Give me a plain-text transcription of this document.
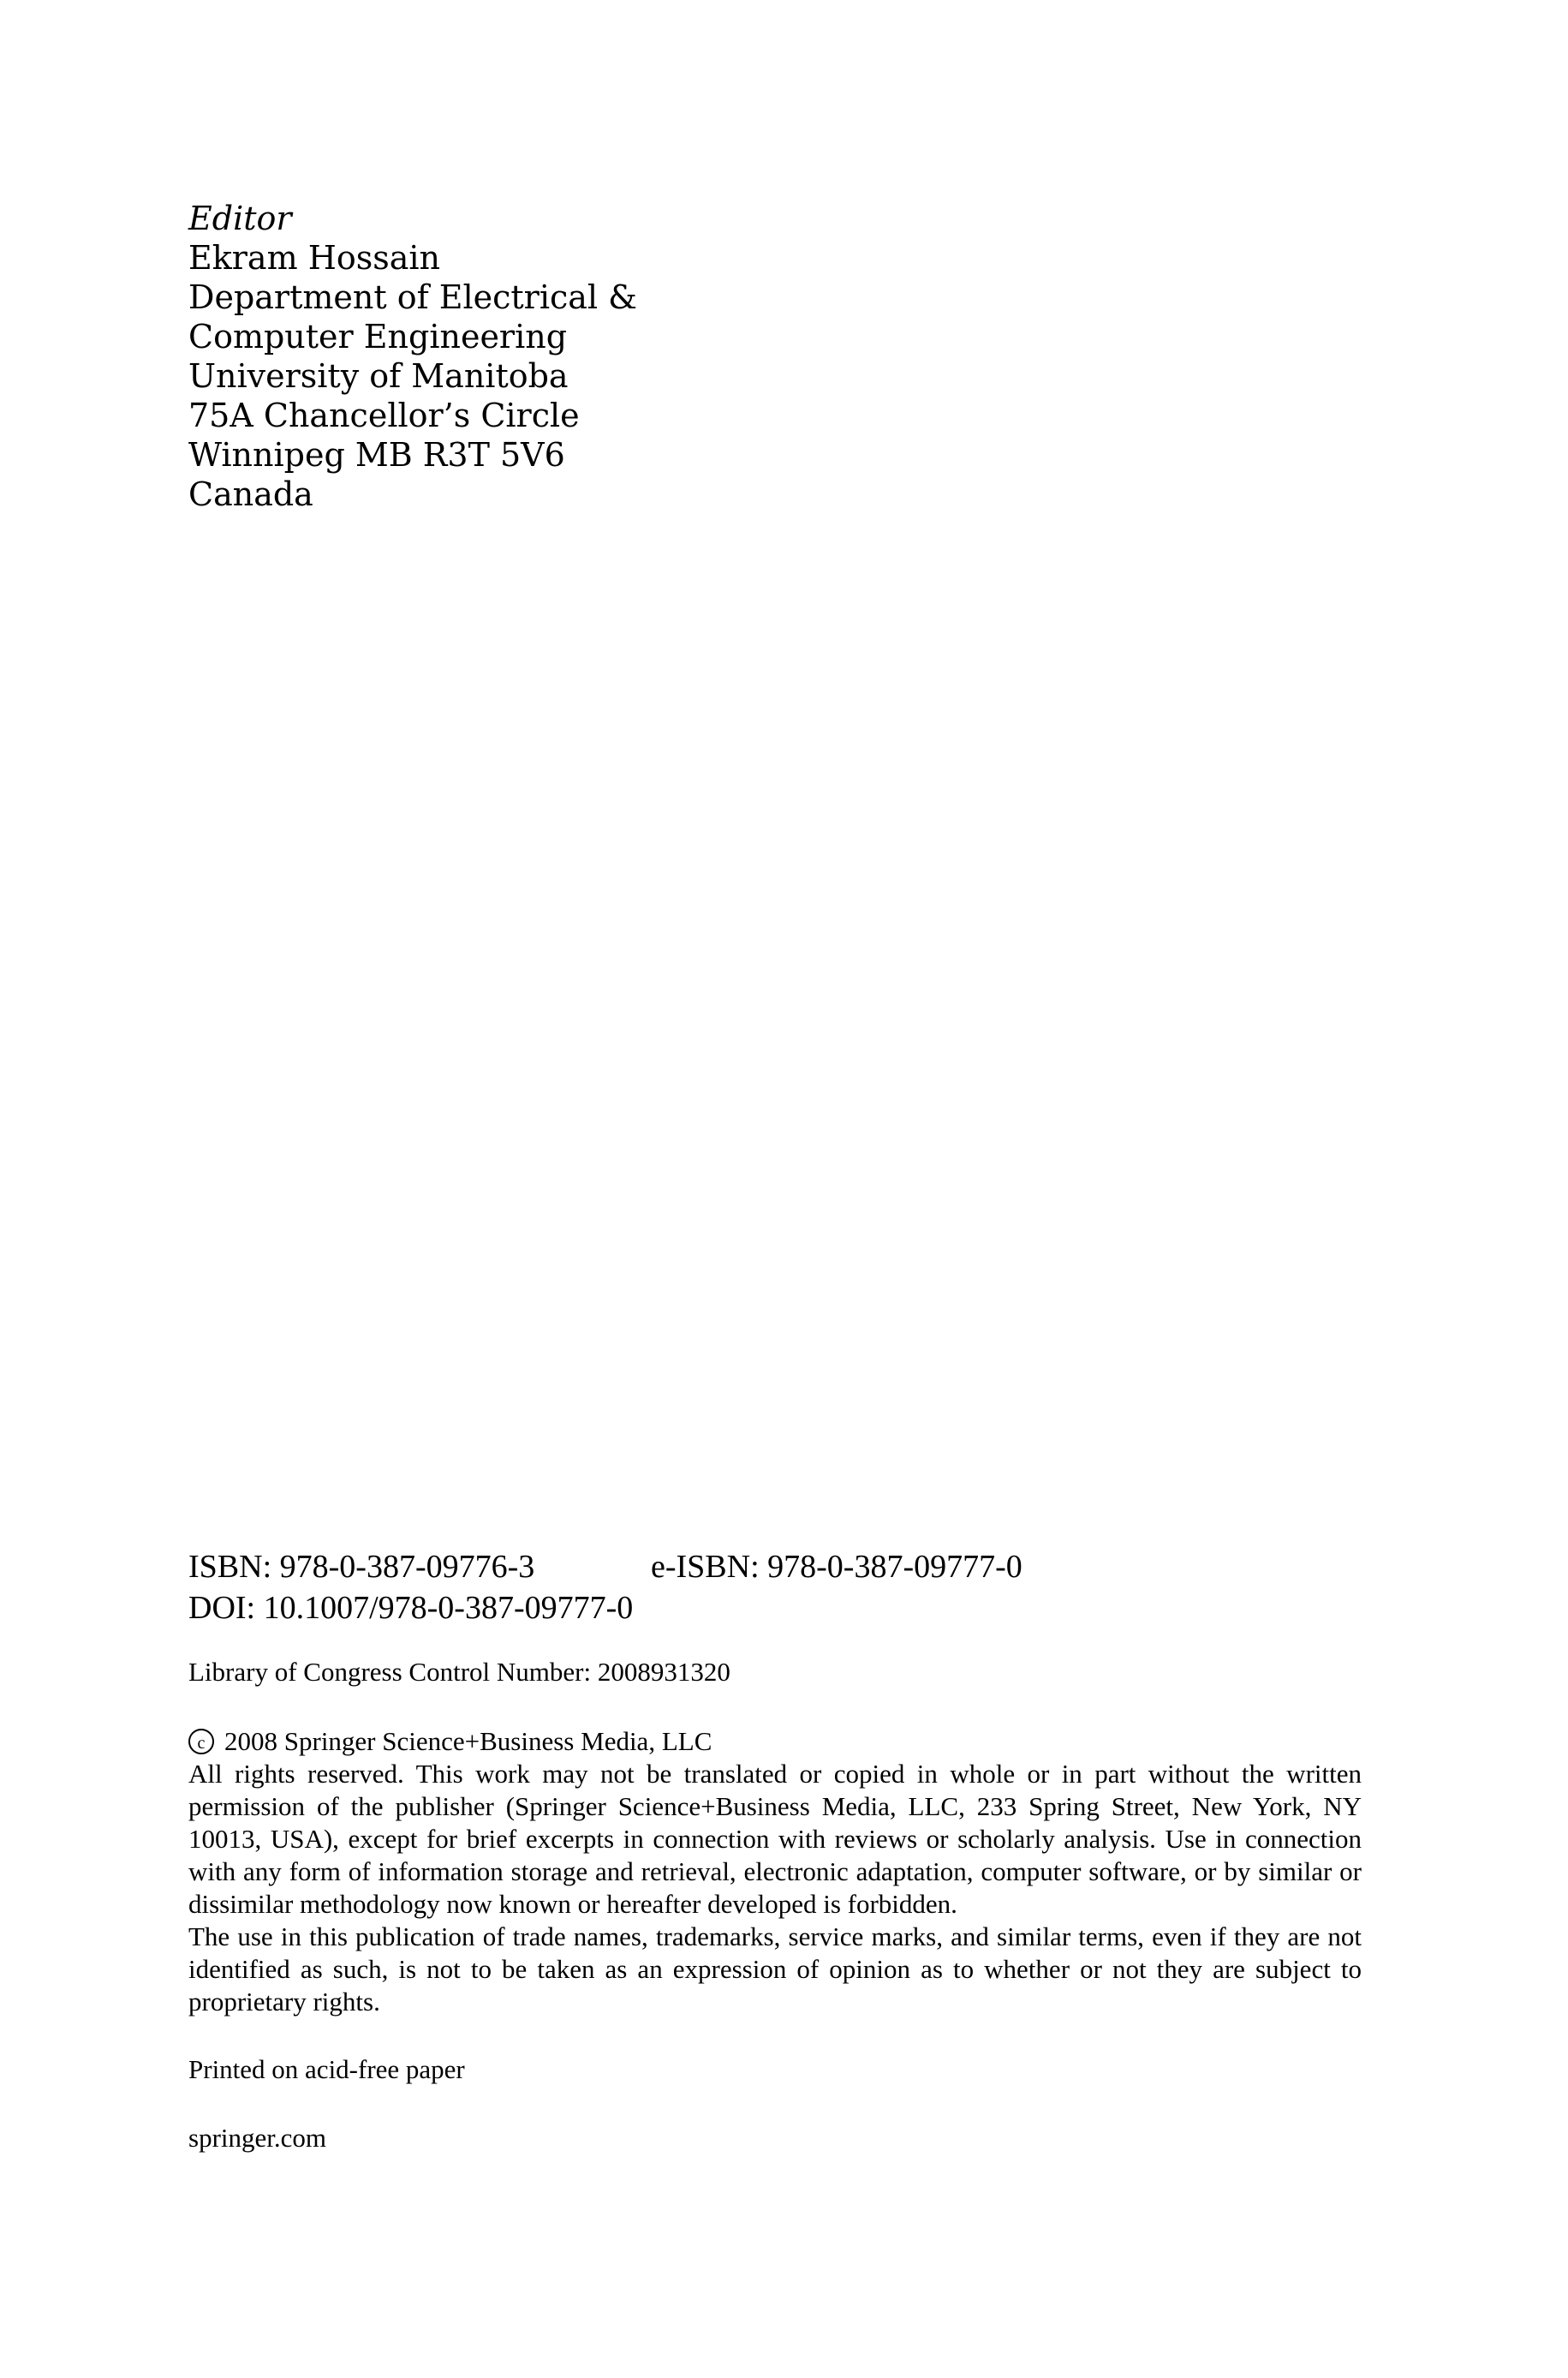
Editor
Ekram Hossain
Department of Electrical &
Computer Engineering
University of Manitoba
75A Chancellor’s Circle
Winnipeg MB R3T 5V6
Canada
ISBN: 978-0-387-09776-3	e-ISBN: 978-0-387-09777-0
DOI: 10.1007/978-0-387-09777-0
Library of Congress Control Number: 2008931320
c 2008 Springer Science+Business Media, LLC

All rights reserved. This work may not be translated or copied in whole or in part without the written permission of the publisher (Springer Science+Business Media, LLC, 233 Spring Street, New York, NY 10013, USA), except for brief excerpts in connection with reviews or scholarly analysis. Use in connection with any form of information storage and retrieval, electronic adaptation, computer software, or by similar or dissimilar methodology now known or hereafter developed is forbidden.

The use in this publication of trade names, trademarks, service marks, and similar terms, even if they are not identified as such, is not to be taken as an expression of opinion as to whether or not they are subject to proprietary rights.

Printed on acid-free paper
springer.com
